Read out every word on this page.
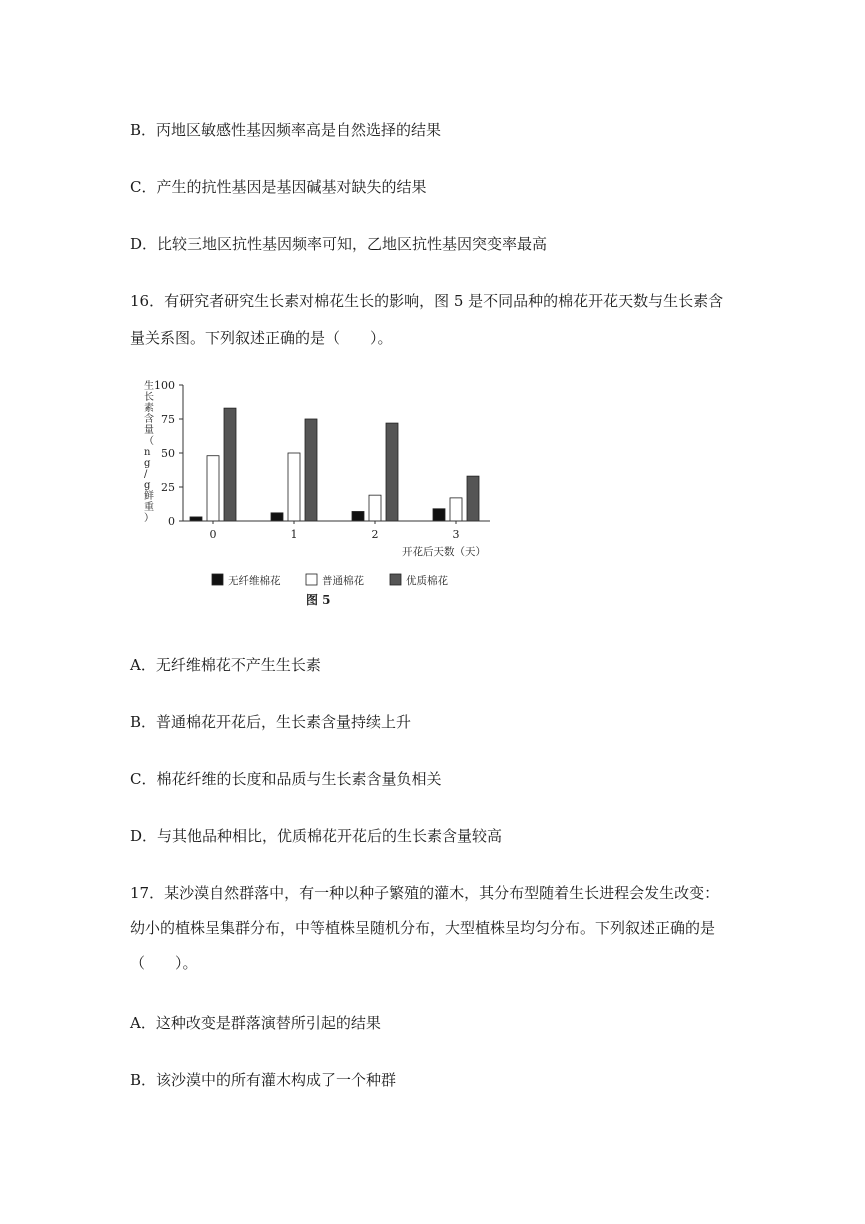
B．丙地区敏感性基因频率高是自然选择的结果
C．产生的抗性基因是基因碱基对缺失的结果
D．比较三地区抗性基因频率可知，乙地区抗性基因突变率最高
16．有研究者研究生长素对棉花生长的影响，图 5 是不同品种的棉花开花天数与生长素含
量关系图。下列叙述正确的是（　　）。
生长素含量（ n g / g 鲜重）
100
75
50
25
0
0	1	2	3
开花后天数（天）
无纤维棉花	普通棉花	优质棉花
图 5
A．无纤维棉花不产生生长素
B．普通棉花开花后，生长素含量持续上升
C．棉花纤维的长度和品质与生长素含量负相关
D．与其他品种相比，优质棉花开花后的生长素含量较高
17．某沙漠自然群落中，有一种以种子繁殖的灌木，其分布型随着生长进程会发生改变：
幼小的植株呈集群分布，中等植株呈随机分布，大型植株呈均匀分布。下列叙述正确的是
（　　）。
A．这种改变是群落演替所引起的结果
B．该沙漠中的所有灌木构成了一个种群
